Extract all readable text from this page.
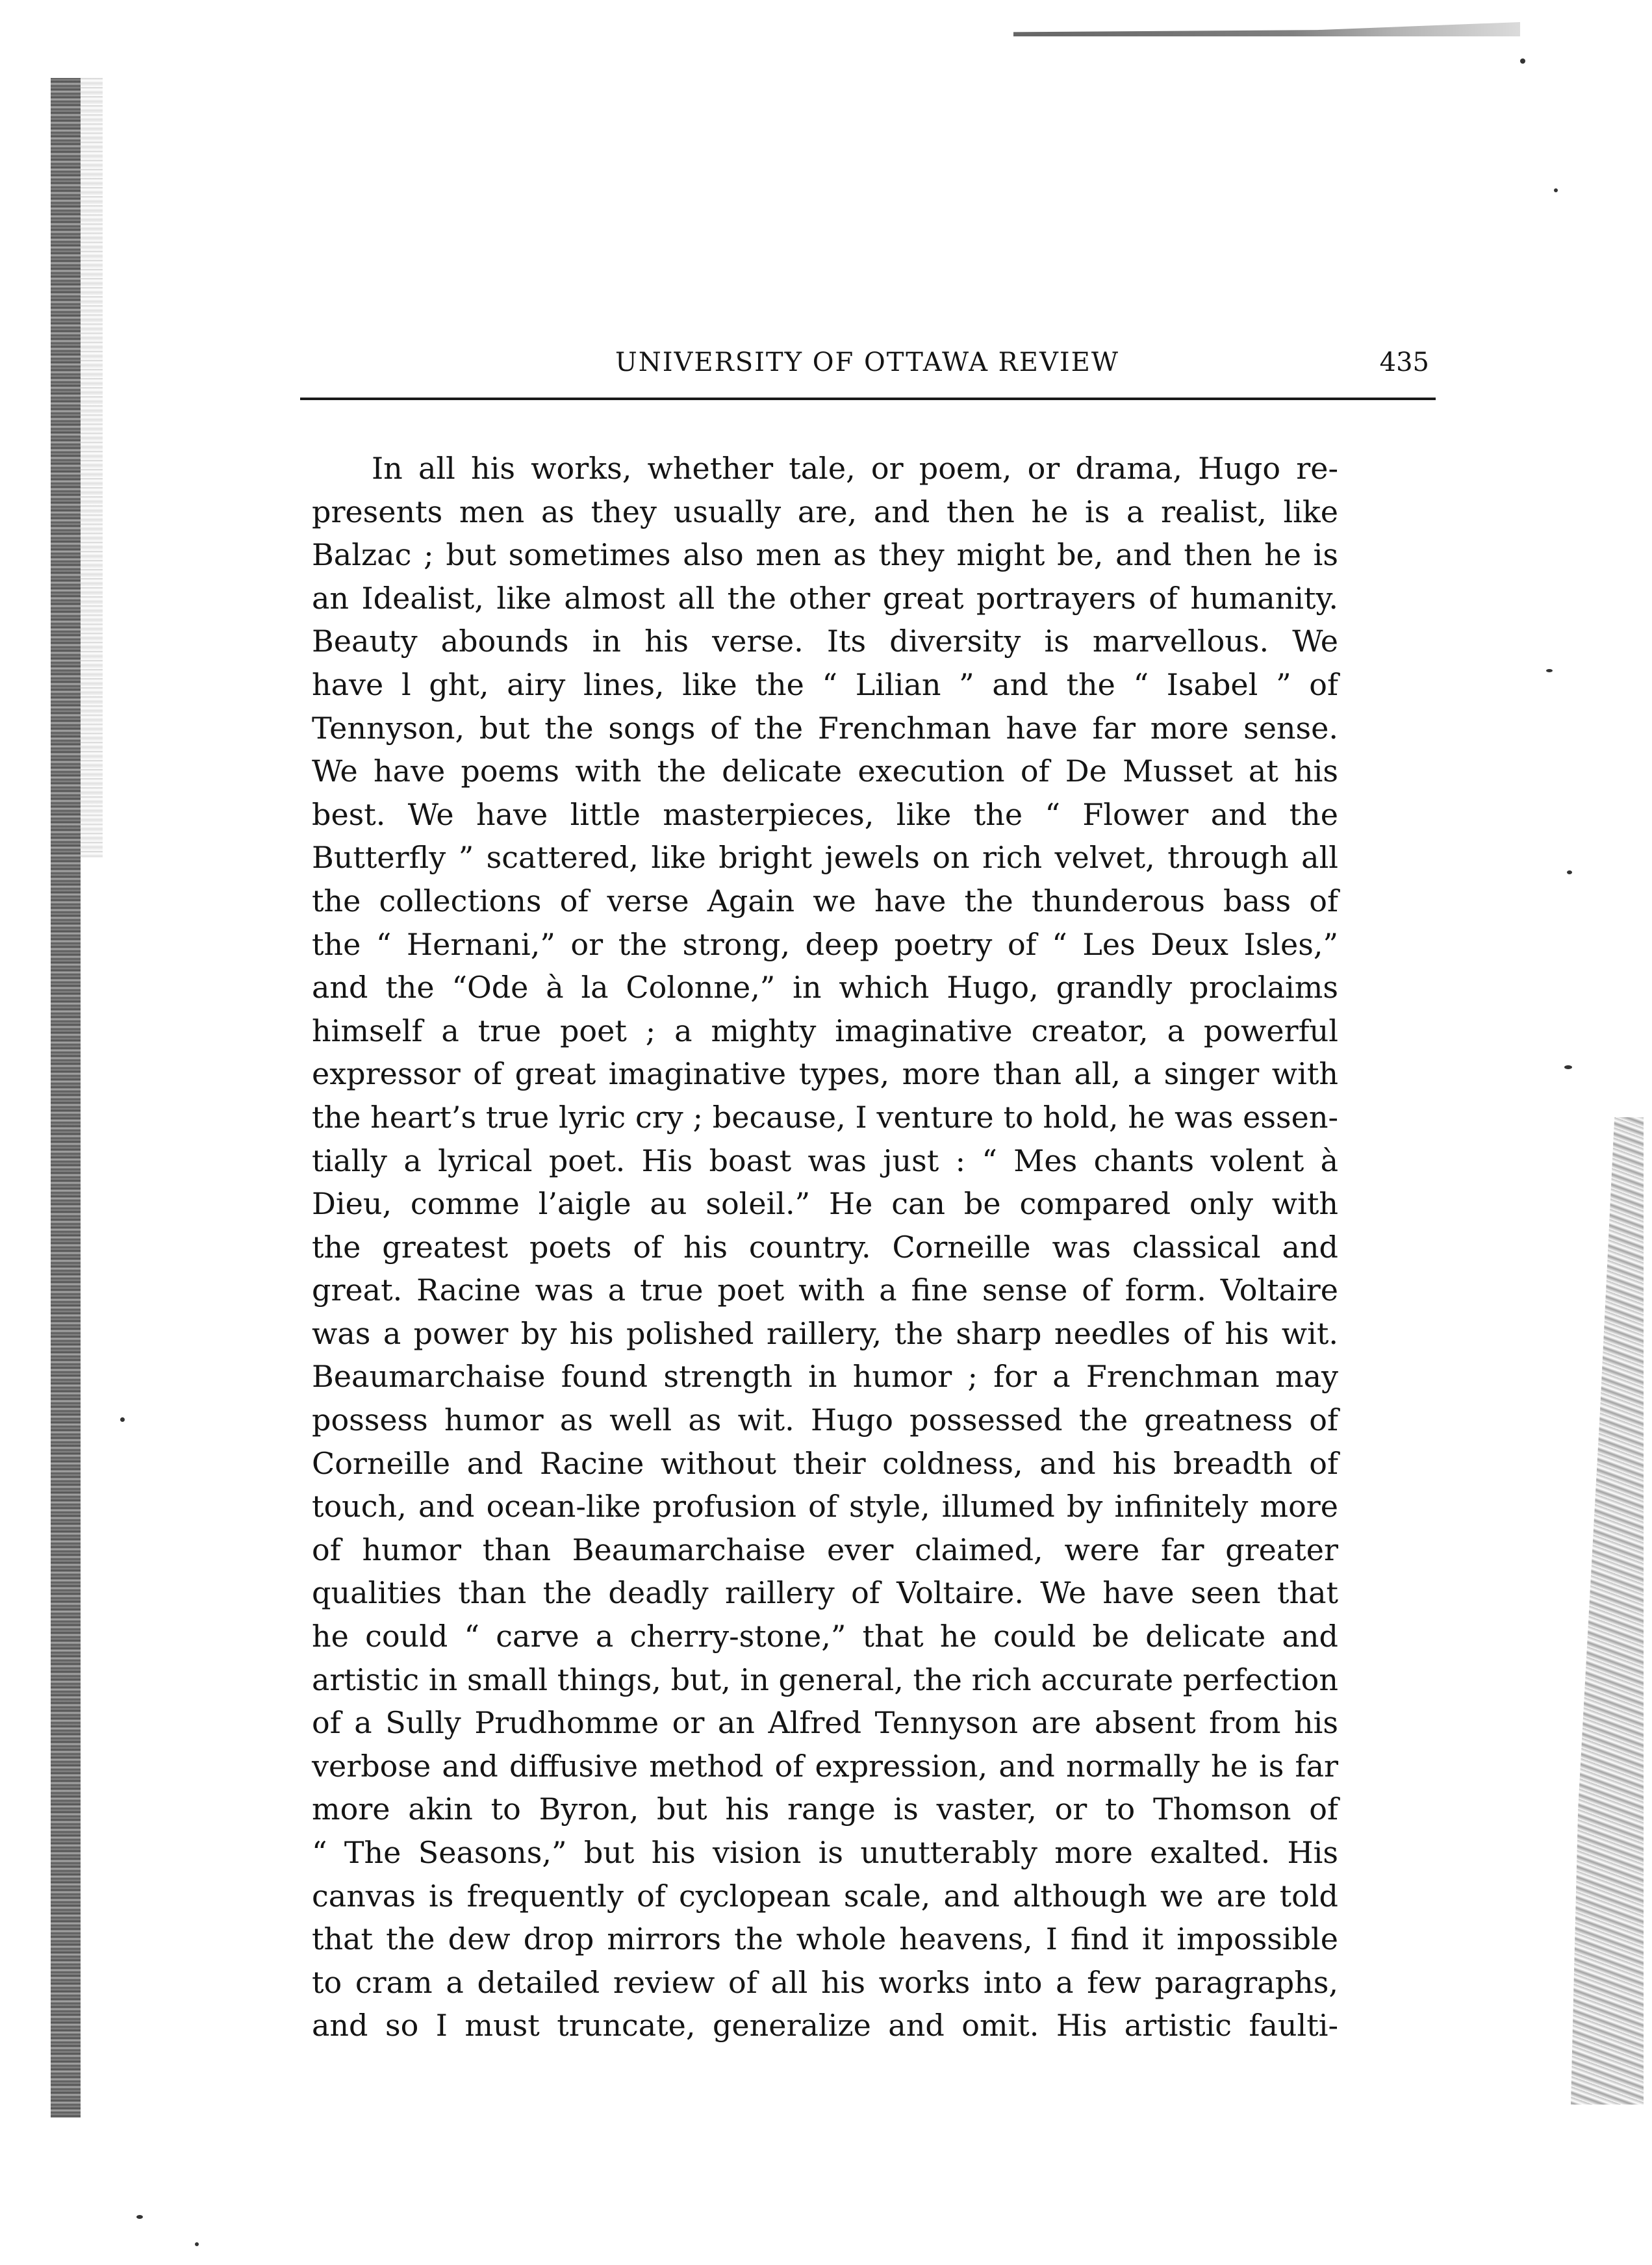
UNIVERSITY OF OTTAWA REVIEW	435
In all his works, whether tale, or poem, or drama, Hugo re-
presents men as they usually are, and then he is a realist, like
Balzac ; but sometimes also men as they might be, and then he is
an Idealist, like almost all the other great portrayers of humanity.
Beauty abounds in his verse. Its diversity is marvellous. We
have l ght, airy lines, like the “ Lilian ” and the “ Isabel ” of
Tennyson, but the songs of the Frenchman have far more sense.
We have poems with the delicate execution of De Musset at his
best. We have little masterpieces, like the “ Flower and the
Butterfly ” scattered, like bright jewels on rich velvet, through all
the collections of verse Again we have the thunderous bass of
the “ Hernani,” or the strong, deep poetry of “ Les Deux Isles,”
and the “Ode à la Colonne,” in which Hugo, grandly proclaims
himself a true poet ; a mighty imaginative creator, a powerful
expressor of great imaginative types, more than all, a singer with
the heart’s true lyric cry ; because, I venture to hold, he was essen-
tially a lyrical poet. His boast was just : “ Mes chants volent à
Dieu, comme l’aigle au soleil.” He can be compared only with
the greatest poets of his country. Corneille was classical and
great. Racine was a true poet with a fine sense of form. Voltaire
was a power by his polished raillery, the sharp needles of his wit.
Beaumarchaise found strength in humor ; for a Frenchman may
possess humor as well as wit. Hugo possessed the greatness of
Corneille and Racine without their coldness, and his breadth of
touch, and ocean-like profusion of style, illumed by infinitely more
of humor than Beaumarchaise ever claimed, were far greater
qualities than the deadly raillery of Voltaire. We have seen that
he could “ carve a cherry-stone,” that he could be delicate and
artistic in small things, but, in general, the rich accurate perfection
of a Sully Prudhomme or an Alfred Tennyson are absent from his
verbose and diffusive method of expression, and normally he is far
more akin to Byron, but his range is vaster, or to Thomson of
“ The Seasons,” but his vision is unutterably more exalted. His
canvas is frequently of cyclopean scale, and although we are told
that the dew drop mirrors the whole heavens, I find it impossible
to cram a detailed review of all his works into a few paragraphs,
and so I must truncate, generalize and omit. His artistic faulti-
